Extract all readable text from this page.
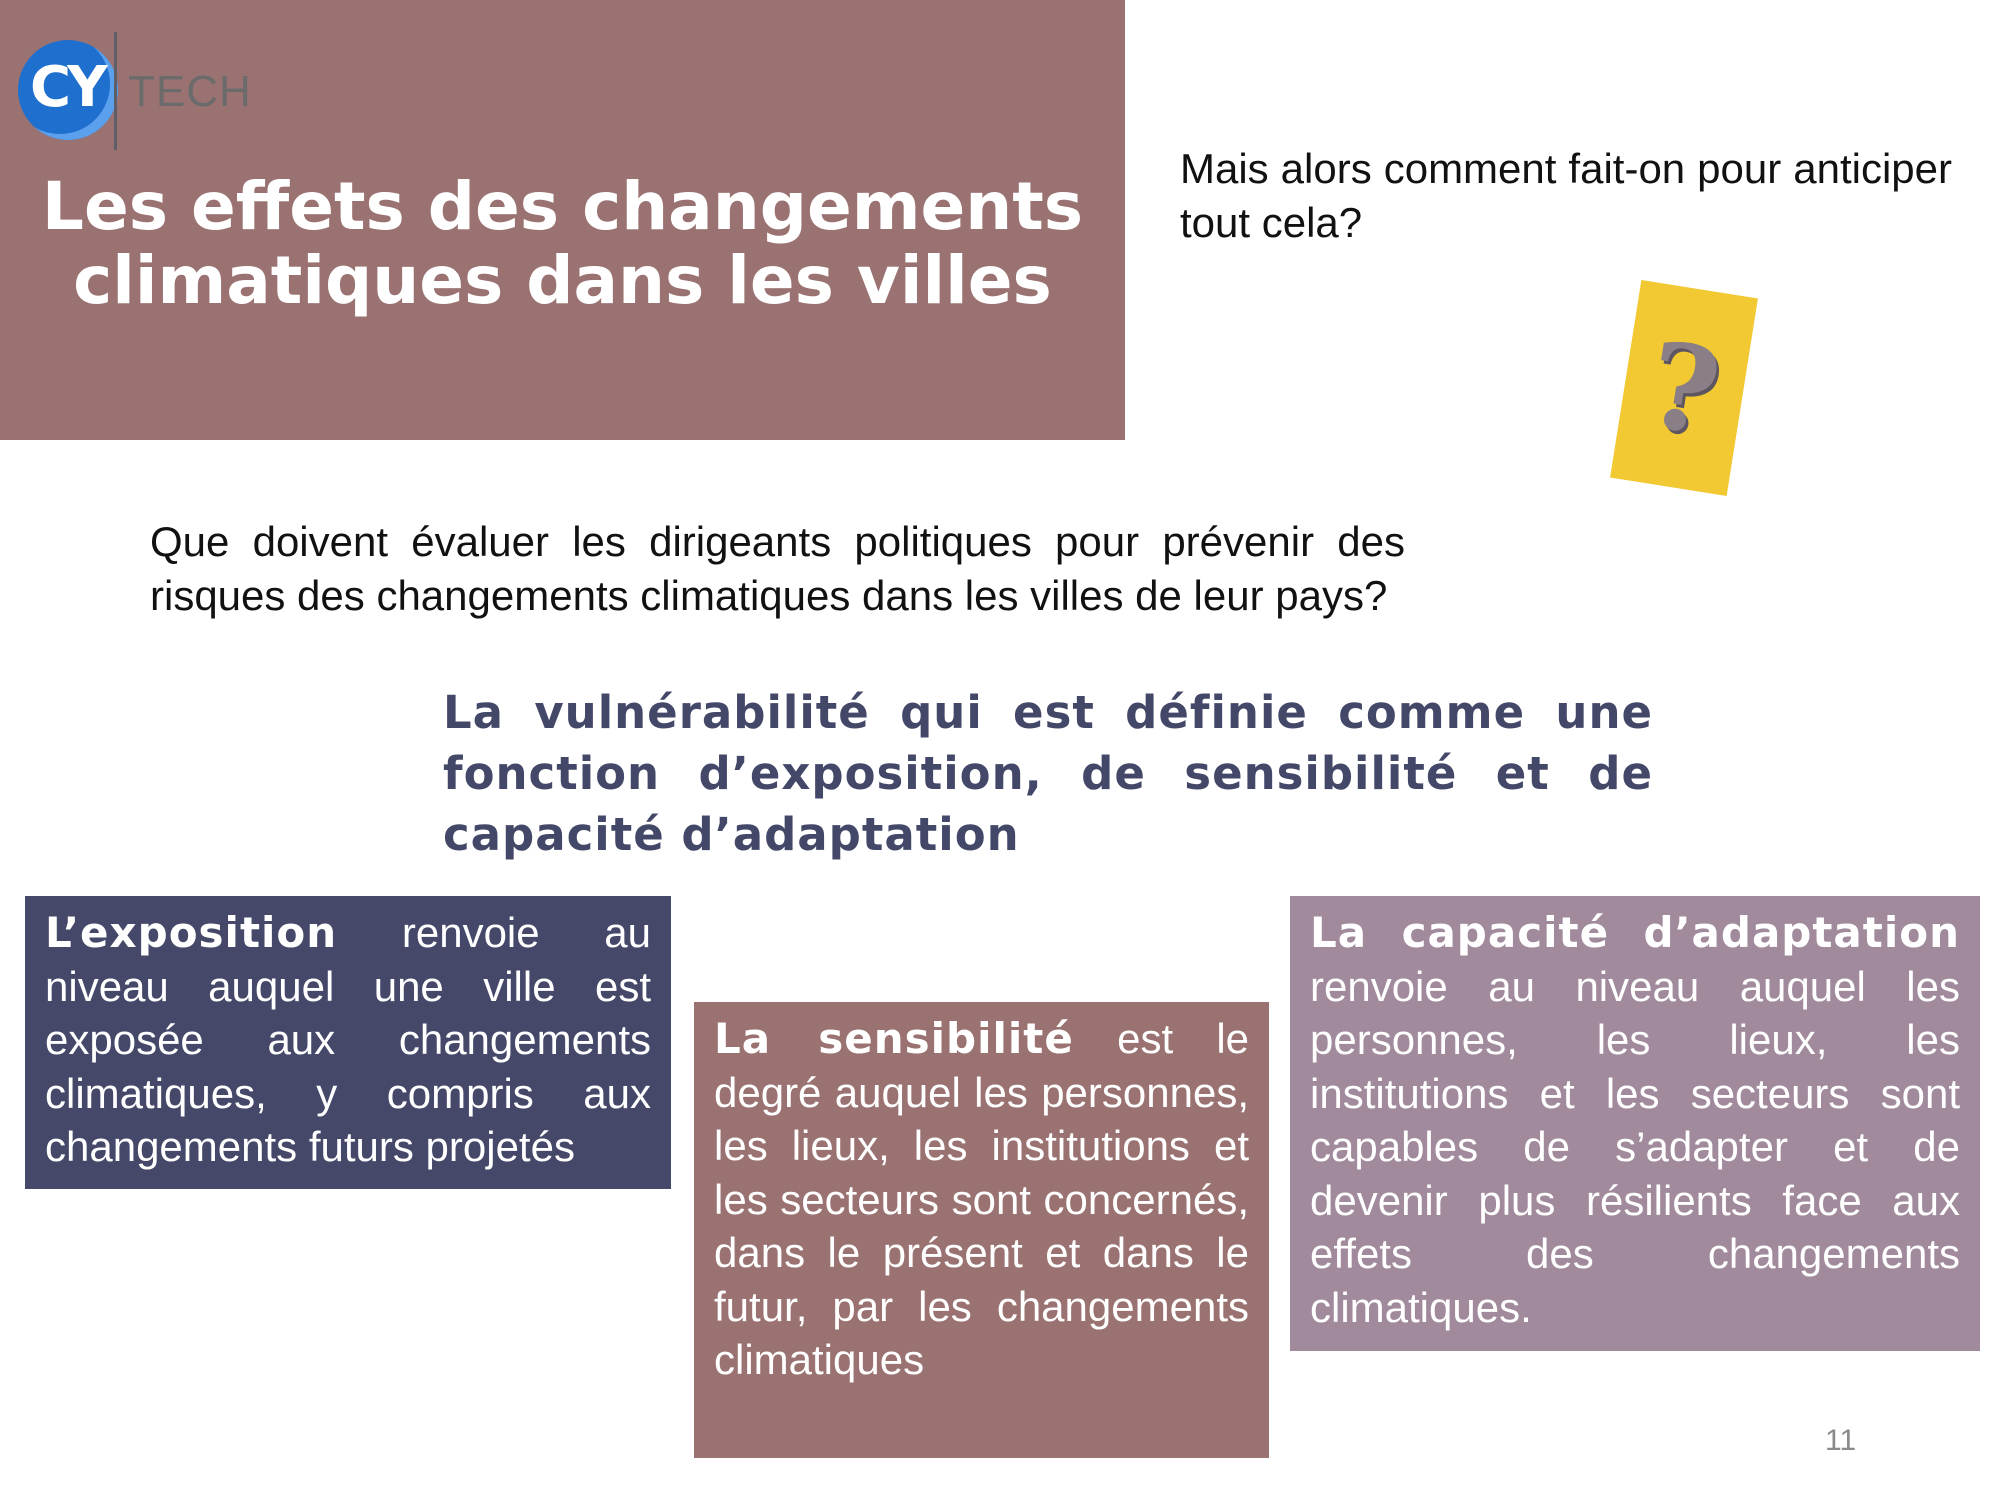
CY TECH
Les effets des changements
climatiques dans les villes

Mais alors comment fait-on pour anticiper tout cela?

?

Que doivent évaluer les dirigeants politiques pour prévenir des risques des changements climatiques dans les villes de leur pays?

La vulnérabilité qui est définie comme une fonction d’exposition, de sensibilité et de capacité d’adaptation

L’exposition renvoie au niveau auquel une ville est exposée aux changements climatiques, y compris aux changements futurs projetés

La sensibilité est le degré auquel les personnes, les lieux, les institutions et les secteurs sont concernés, dans le présent et dans le futur, par les changements climatiques

La capacité d’adaptation renvoie au niveau auquel les personnes, les lieux, les institutions et les secteurs sont capables de s’adapter et de devenir plus résilients face aux effets des changements climatiques.

11
